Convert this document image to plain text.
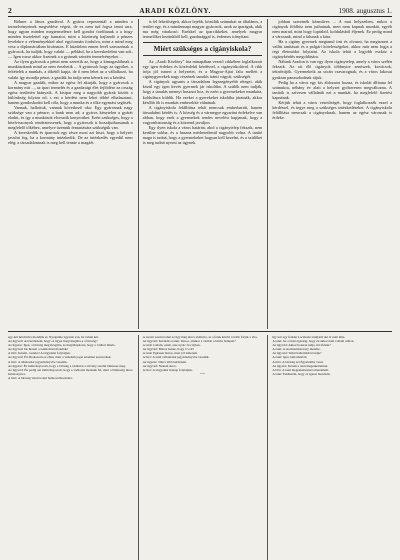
2	ARADI KÖZLÖNY.	1908. augusztus 1.

Böbner a János gazdával. A gyáros reprezentál a minden a termelvényeinek megvédése végett, de ez nem tud fogva tenni arra, hogy ugyan minden megtermelésre kell gondot fordítanak a a hogy minden tisztelettel egy kamatot, mint a közönség hajlandó a pénzes levelekre a véleményekkel ahol egyformán fordulva, mint a mind meg vesz a diplomáciában kivánatos. E küzdelem ennen levél szavazónak a gyárosok, ha tudják, hogy valaki — például, ha a kereskedelmi van sok, — Igen rossz akkor fizetnek a a gyárnak szintén termelvényeket ...

Az ilyen gyárosok a pénzt nem szeretik az, hogy a kimagaslóknak a munkásoknak mind az nem érezhetik ... A gyárosok hogy az ügyöket, a feltételek a munkás, a tőkétől kapja, de ő nem lehet az a vállalkozó, ha valaki így mondja pénzt, a gazdák ha tudja nem kérnek ezt a kérdést.

A magyar gazdák, mikor az egész fel akarják, hogy a gyárosok a kormány mit ..., az ipari termelés és a gazdasági élet fejlődése az ország egész területén hiányzik. A kisipar meg a nagyobb gyárak között a különbség folyton nő, s ezt a kérdést nem lehet többé elhalasztani, hanem gondoskodni kell róla, hogy a munka és a tőke egymást segítsék.

Vannak, hallottuk, vannak következő oka: Egy gyárosnak nagy szüksége van a pénzre; a bank nem ad; a gyáros kénytelen a gyárát eladni, és így a munkások elvesztik kenyerüket. Ezért szükséges, hogy a hitelviszonyok rendeztessenek, hogy a gyárosok is hozzájuthassanak a megfelelő tőkéhez, amelyre üzemük fentartására szükségük van.

A kereskedők és iparosok egy része most azt hiszi, hogy a helyzet javulni fog, ha a kormány intézkedik. De az intézkedés egyedül nem elég; a társadalomnak is meg kell tennie a magáét.

is fel lehetőségeit, akkor lejebb, közülük számukat az általános, a terület egy, és a mindennapi magyar gyárosok, azok az iparágak, akik ma még várakozó. Ezekkel az iparcikkeket, amelyek magyar termelőket kezünkből kell, gazdasággal is, érdemes irányítani.

Miért szükséges a cigányiskola?

Az „Aradi Közlöny” írta minapában vezető cikkében foglalkozott egy igen érdekes és közérdekű kérdéssel, a cigányiskolával. A cikk írója jól ismeri a helyzetet, és a Magyar-Ajtai falu mellett a cigánygyerekek nagy részének tanulás iránti vágyát, szükségét.

A cigányok ugyanis a társadalom legszegényebb rétegei, akik közül egy igen kevés gyermek jár iskolába. A szülők nem tudják, hogy a tanulás mennyi hasznot hoz, és ezért a gyermekeket munkára, koldulásra küldik. Ha ezeket a gyerekeket iskolába járatnák, akkor később ők is munkás emberekké válnának.

A cigányiskola felállítása tehát nemcsak emberbaráti, hanem társadalmi kérdés is. A község és a vármegye egyaránt érdekelve van abban, hogy ezek a gyermekek rendes nevelést kapjanak, hogy a vagyonbiztonság és a közrend javuljon.

Egy ilyen iskola a város határán, ahol a cigánytelep fekszik, nem kerülne sokba, és a haszna mérhetetlenül nagyobb volna. A tanító maga is tudná, hogy a gyermekeket hogyan kell kezelni, és a szülőket is meg tudná nyerni az ügynek.

jobban szeretnék kézműves ... A mai helyzetben, mikor a cigányok földhöz nem juthatnak, mert nem kapnak munkát, egyéb nem marad, mint hogy lopásból, koldulásból éljenek. Ez pedig mind a városnak, mind a falunak a kára.

Ha a cigány gyermek megtanul írni és olvasni, ha megismeri a vallás tanításait és a polgári kötelességeket, akkor már nem fogja a régi életmódot folytatni. Az iskola tehát a legjobb eszköz a cigánykérdés megoldására.

Nálunk Aradon is van egy ilyen cigánytelep, amely a város szélén fekszik. Az ott élő cigányok többnyire zenészek, kovácsok, teknővájók. Gyermekeik az utcán csavarognak, és a város lakosai gyakran panaszkodnak rájuk.

Pedig ha a város egy kis áldozatot hozna, és iskolát állítana fel számukra, néhány év alatt a helyzet gyökeresen megváltozna. A tanítók is szívesen vállalnák ezt a munkát, ha megfelelő fizetést kapnának.

Kérjük tehát a város vezetőségét, hogy foglalkozzék ezzel a kérdéssel, és tegye meg a szükséges intézkedéseket. A cigányiskola felállítása nemcsak a cigányoknak, hanem az egész városnak is érdeke.

egy-két hét múlva mondják el. Nyugalma ugyanis van, ha valaki kér.

Az ügyvéd: Azt kérdezem, hogy az ügyet megvizsgálta-e a bíróság?

Az ügyész: Igen, a bíróság megvizsgálta, és megállapította, hogy a vádlott bűnös.

Az ügyvéd: De hiszen a tanúk mást mondtak!

A bíró: Kérem, csendet! A tárgyalást folytatjuk.

Az ügyvéd: Én tiltakozom ez ellen, mert a védelem jogai sérelmet szenvedtek.

A bíró: A tiltakozást jegyzőkönyvbe vesszük.

Az ügyész: Én indítványozom, hogy a bíróság a vádlottat a törvény szerint büntesse meg.

Az ügyvéd: Én pedig azt indítványozom, hogy a vádlottat mentsék fel, mert a bűnösség nincs bebizonyítva.

A bíró: A bíróság visszavonul határozathozatalra.

A szerző szerint tehát az ügy még nincs eldöntve, és a felek között tovább folyik a vita.

Az ügyvéd: Kérdem a tanút, látta-e, amikor a vádlott a házba belépett?

A tanú: Láttam, uram, este nyolc óra tájban.

Az ügyvéd: Biztos benne, hogy ő volt?

A tanú: Egészen biztos, mert jól ismerem.

A bíró: A tanú vallomását jegyzőkönyvbe vesszük.

Az ügyész: Nincs több kérdésem.

Az ügyvéd: Nekem sincs.

A bíró: A tárgyalást holnap folytatjuk.

—

Igy lett egy fedelet Laczkóné tanújától aki őt nem látta.

A tanú: Az a tiszta igazság, hogy én akkor nem voltam otthon.

Az ügyvéd: Akkor honnan tudja, mi történt?

A tanú: A szomszédasszony mesélte.

Az ügyvéd: Tehát hallomásból tudja?

A tanú: Igen, hallomásból.

A bíró: A bíróság ezt figyelembe veszi.

Az ügyész: Kérem a tanú megeskettetését.

A bíró: A tanú megeskettetését elrendelem.

A tanú: Esküszöm, hogy az igazat mondom.
